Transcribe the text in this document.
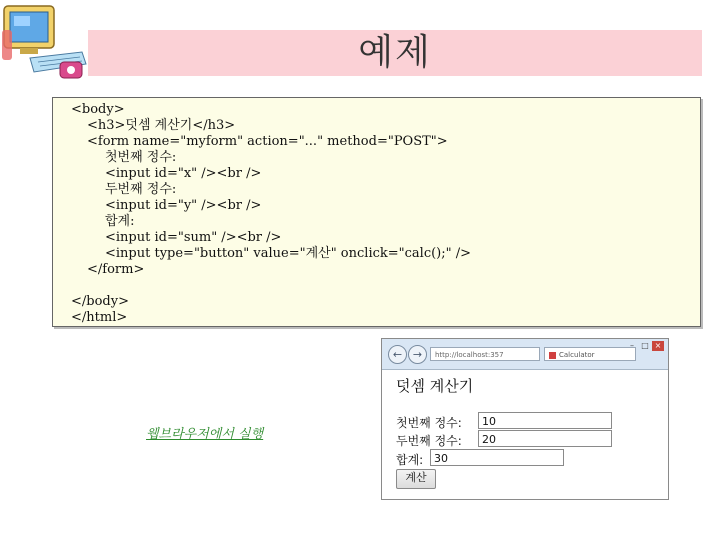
예제
<body>
<h3>덧셈 계산기</h3>
<form name="myform" action="..." method="POST">
첫번째 정수:
<input id="x" /><br />
두번째 정수:
<input id="y" /><br />
합계:
<input id="sum" /><br />
<input type="button" value="계산" onclick="calc();" />
</form>
</body>
</html>
웹브라우저에서 실행
← →	http://localhost:357	Calculator
– □ ×
덧셈 계산기
첫번째 정수:	10
두번째 정수:	20
합계: 30
계산
